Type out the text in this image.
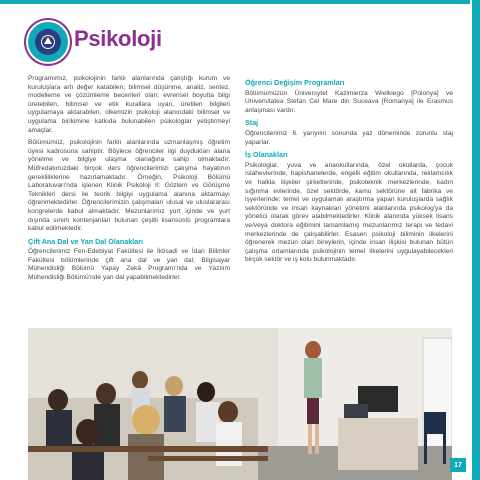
Psikoloji

Programımız, psikolojinin farklı alanlarında çalıştığı kurum ve kuruluşlara artı değer katabilen; bilimsel düşünme, analiz, sentez, modelleme ve çözümleme becerileri olan; evrensel boyutta bilgi üretebilen, bilimsel ve etik kurallara uyan, üretilen bilgileri uygulamaya aktarabilen, ülkemizin psikoloji alanındaki bilimsel ve uygulama birikimine katkıda bulunabilen psikologlar yetiştirmeyi amaçlar.

Bölümümüz, psikolojinin farklı alanlarında uzmanlaşmış öğretim üyesi kadrosuna sahiptir. Böylece öğrenciler ilgi duydukları alana yönelme ve bilgiye ulaşma olanağına sahip olmaktadır. Müfredatımızdaki birçok ders öğrencilerimizi çalışma hayatının gerekliliklerine hazırlamaktadır. Örneğin, Psikoloji Bölümü Laboratuvarı'nda işlenen Klinik Psikoloji II: Gözlem ve Görüşme Teknikleri dersi ile teorik bilgiyi uygulama alanına aktarmayı öğrenmektedirler. Öğrencilerimizin çalışmaları ulusal ve uluslararası kongrelerde kabul almaktadır. Mezunlarımız yurt içinde ve yurt dışında sınırlı kontenjanları bulunan çeşitli lisansüstü programlara kabul edilmektedir.

Çift Ana Dal ve Yan Dal Olanakları

Öğrencilerimiz Fen-Edebiyat Fakültesi ile İktisadi ve İdari Bilimler Fakültesi bölümlerinde çift ana dal ve yan dal; Bilgisayar Mühendisliği Bölümü Yapay Zekâ Programı'nda ve Yazılım Mühendisliği Bölümü'nde yan dal yapabilmektedirler.

Öğrenci Değişim Programları

Bölümümüzün Üniversytet Kazimierza Wielkiego [Polonya] ve Universitatea Stefan Cel Mare din Suceava [Romanya] ile Erasmus anlaşması vardır.

Staj

Öğrencilerimiz 6. yarıyılın sonunda yaz döneminde zorunlu staj yaparlar.

İş Olanakları

Psikologlar, yuva ve anaokullarında, özel okullarda, çocuk ıslahevlerinde, hapishanelerde, engelli eğitim okullarında, reklamcılık ve halkla ilişkiler şirketlerinde, psikoteknik merkezlerinde, kadın sığınma evlerinde, özel sektörde, kamu sektörüne ait fabrika ve işyerlerinde; temel ve uygulamalı araştırma yapan kuruluşlarda sağlık sektöründe ve insan kaynakları yönetimi alanlarında psikolog'ya da yönetici olarak görev alabilmektedirler. Klinik alanında yüksek lisans ve/veya doktora eğitimini tamamlamış mezunlarımız terapi ve tedavi merkezlerinde de çalışabilirler. Esasen psikoloji biliminin ilkelerini öğrenerek mezun olan bireylerin, içinde insan ilişkisi bulunan bütün çalışma ortamlarında psikolojinin temel ilkelerini uygulayabilecekleri birçok sektör ve iş kolu bulunmaktadır.

17
